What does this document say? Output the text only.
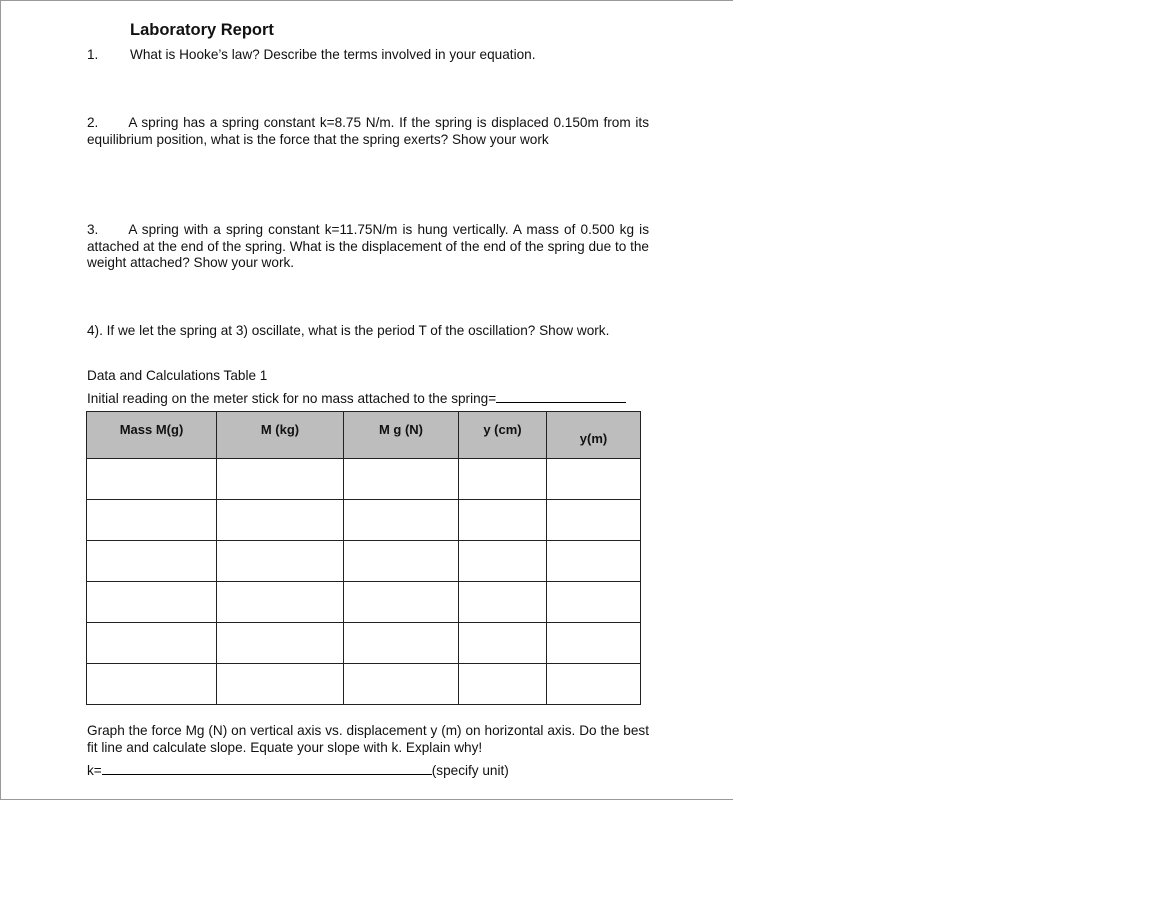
Laboratory Report
1. What is Hooke’s law? Describe the terms involved in your equation.
2. A spring has a spring constant k=8.75 N/m. If the spring is displaced 0.150m from its equilibrium position, what is the force that the spring exerts? Show your work
3. A spring with a spring constant k=11.75N/m is hung vertically. A mass of 0.500 kg is attached at the end of the spring. What is the displacement of the end of the spring due to the weight attached? Show your work.
4). If we let the spring at 3) oscillate, what is the period T of the oscillation? Show work.
Data and Calculations Table 1
Initial reading on the meter stick for no mass attached to the spring=
Mass M(g)	M (kg)	M g (N)	y (cm)	y(m)

Graph the force Mg (N) on vertical axis vs. displacement y (m) on horizontal axis. Do the best fit line and calculate slope. Equate your slope with k. Explain why!
k=	(specify unit)
